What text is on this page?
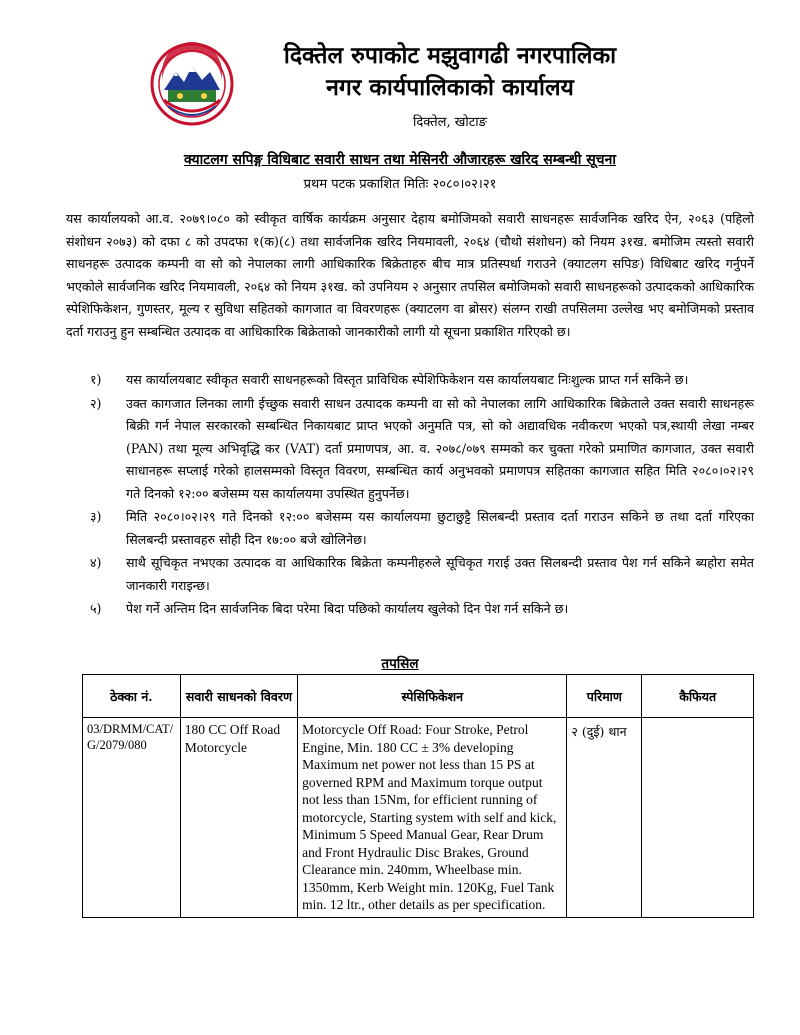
दिक्तेल रुपाकोट मझुवागढी नगरपालिका
नगर कार्यपालिकाको कार्यालय
दिक्तेल, खोटाङ
क्याटलग सपिङ्ग विधिबाट सवारी साधन तथा मेसिनरी औजारहरू खरिद सम्बन्धी सूचना
प्रथम पटक प्रकाशित मितिः २०८०।०२।२१
यस कार्यालयको आ.व. २०७९।०८० को स्वीकृत वार्षिक कार्यक्रम अनुसार देहाय बमोजिमको सवारी साधनहरू सार्वजनिक खरिद ऐन, २०६३ (पहिलो संशोधन २०७३) को दफा ८ को उपदफा १(क)(८) तथा सार्वजनिक खरिद नियमावली, २०६४ (चौथो संशोधन) को नियम ३१ख. बमोजिम त्यस्तो सवारी साधनहरू उत्पादक कम्पनी वा सो को नेपालका लागी आधिकारिक बिक्रेताहरु बीच मात्र प्रतिस्पर्धा गराउने (क्याटलग सपिङ) विधिबाट खरिद गर्नुपर्ने भएकोले सार्वजनिक खरिद नियमावली, २०६४ को नियम ३१ख. को उपनियम २ अनुसार तपसिल बमोजिमको सवारी साधनहरूको उत्पादकको आधिकारिक स्पेशिफिकेशन, गुणस्तर, मूल्य र सुविधा सहितको कागजात वा विवरणहरू (क्याटलग वा ब्रोसर) संलग्न राखी तपसिलमा उल्लेख भए बमोजिमको प्रस्ताव दर्ता गराउनु हुन सम्बन्धित उत्पादक वा आधिकारिक बिक्रेताको जानकारीको लागी यो सूचना प्रकाशित गरिएको छ।
१)	यस कार्यालयबाट स्वीकृत सवारी साधनहरूको विस्तृत प्राविधिक स्पेशिफिकेशन यस कार्यालयबाट निःशुल्क प्राप्त गर्न सकिने छ।
२)	उक्त कागजात लिनका लागी ईच्छुक सवारी साधन उत्पादक कम्पनी वा सो को नेपालका लागि आधिकारिक बिक्रेताले उक्त सवारी साधनहरू बिक्री गर्न नेपाल सरकारको सम्बन्धित निकायबाट प्राप्त भएको अनुमति पत्र, सो को अद्यावधिक नवीकरण भएको पत्र,स्थायी लेखा नम्बर (PAN) तथा मूल्य अभिवृद्धि कर (VAT) दर्ता प्रमाणपत्र, आ. व. २०७८/०७९ सम्मको कर चुक्ता गरेको प्रमाणित कागजात, उक्त सवारी साधानहरू सप्लाई गरेको हालसम्मको विस्तृत विवरण, सम्बन्धित कार्य अनुभवको प्रमाणपत्र सहितका कागजात सहित मिति २०८०।०२।२९ गते दिनको १२:०० बजेसम्म यस कार्यालयमा उपस्थित हुनुपर्नेछ।
३)	मिति २०८०।०२।२९ गते दिनको १२:०० बजेसम्म यस कार्यालयमा छुटाछुट्टै सिलबन्दी प्रस्ताव दर्ता गराउन सकिने छ तथा दर्ता गरिएका सिलबन्दी प्रस्तावहरु सोही दिन १७:०० बजे खोलिनेछ।
४)	साथै सूचिकृत नभएका उत्पादक वा आधिकारिक बिक्रेता कम्पनीहरुले सूचिकृत गराई उक्त सिलबन्दी प्रस्ताव पेश गर्न सकिने ब्यहोरा समेत जानकारी गराइन्छ।
५)	पेश गर्ने अन्तिम दिन सार्वजनिक बिदा परेमा बिदा पछिको कार्यालय खुलेको दिन पेश गर्न सकिने छ।
तपसिल
ठेक्का नं.	सवारी साधनको विवरण	स्पेसिफिकेशन	परिमाण	कैफियत
03/DRMM/CAT/G/2079/080	180 CC Off Road Motorcycle	Motorcycle Off Road: Four Stroke, Petrol Engine, Min. 180 CC ± 3% developing Maximum net power not less than 15 PS at governed RPM and Maximum torque output not less than 15Nm, for efficient running of motorcycle, Starting system with self and kick, Minimum 5 Speed Manual Gear, Rear Drum and Front Hydraulic Disc Brakes, Ground Clearance min. 240mm, Wheelbase min. 1350mm, Kerb Weight min. 120Kg, Fuel Tank min. 12 ltr., other details as per specification.	२ (दुई) थान	
